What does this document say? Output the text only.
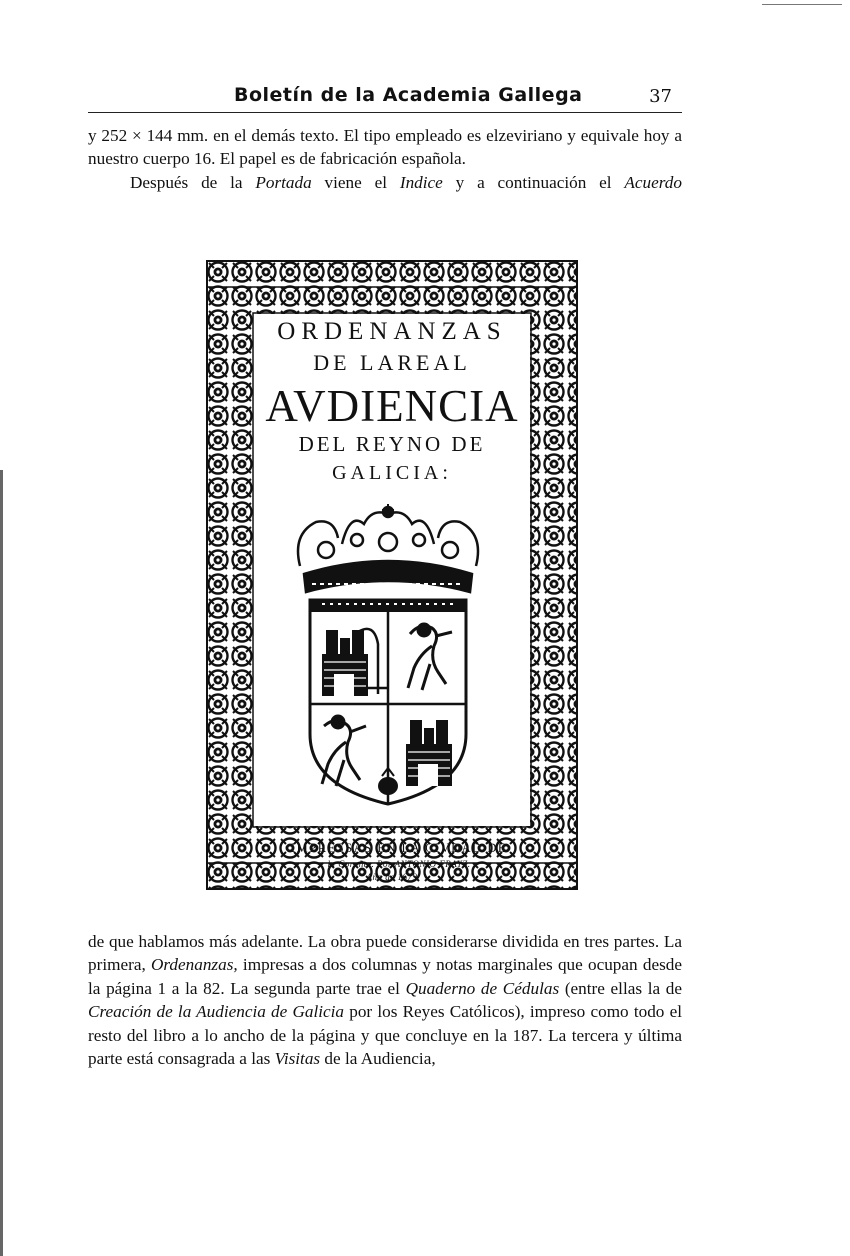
Boletín de la Academia Gallega	37

y 252 × 144 mm. en el demás texto. El tipo empleado es elzeviriano y equivale hoy a nuestro cuerpo 16. El papel es de fabricación española.
Después de la Portada viene el Indice y a continuación el Acuerdo

ORDENANZAS
DE LAREAL
AVDIENCIA
DEL REYNO DE
GALICIA:
IMPRESSAS EN LA CIVDAD DE
la Coruña . Por ANTONIO FRAYZ.
Año de 1679

de que hablamos más adelante. La obra puede considerarse dividida en tres partes. La primera, Ordenanzas, impresas a dos columnas y notas marginales que ocupan desde la página 1 a la 82. La segunda parte trae el Quaderno de Cédulas (entre ellas la de Creación de la Audiencia de Galicia por los Reyes Católicos), impreso como todo el resto del libro a lo ancho de la página y que concluye en la 187. La tercera y última parte está consagrada a las Visitas de la Audiencia,
